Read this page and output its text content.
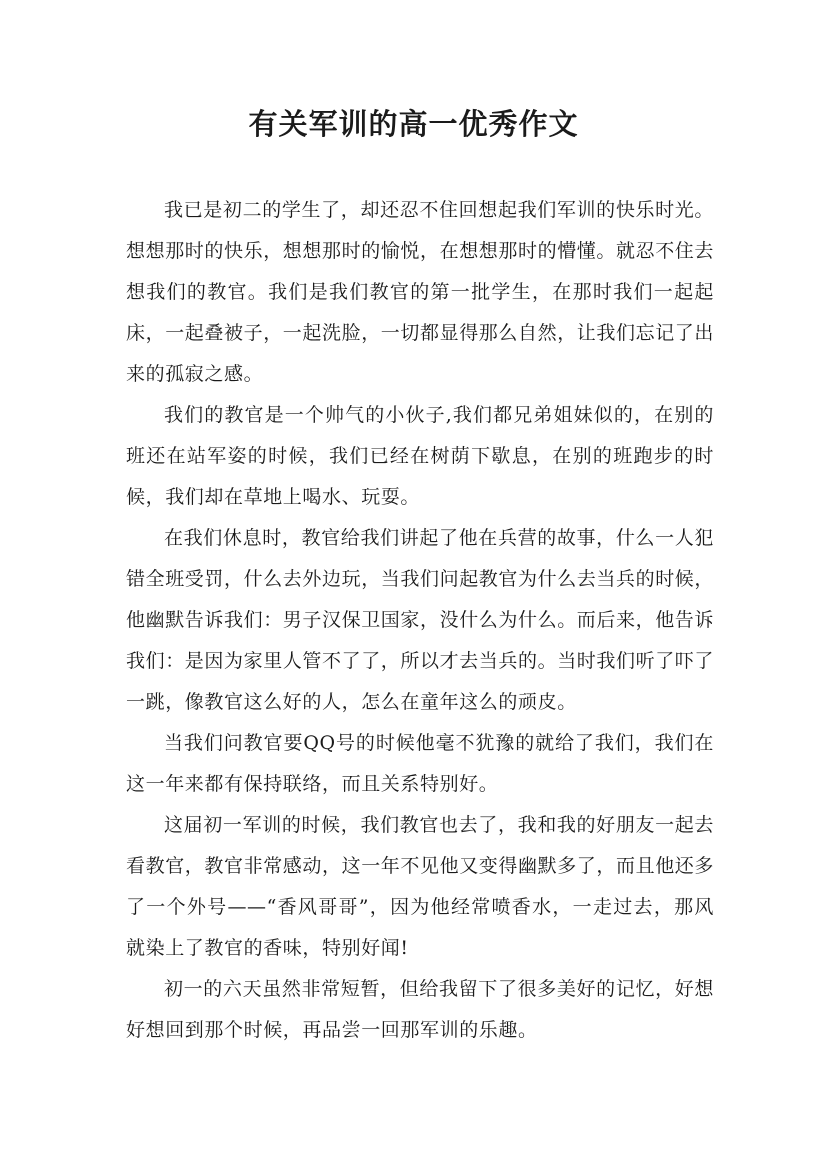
有关军训的高一优秀作文

我已是初二的学生了，却还忍不住回想起我们军训的快乐时光。想想那时的快乐，想想那时的愉悦，在想想那时的懵懂。就忍不住去想我们的教官。我们是我们教官的第一批学生，在那时我们一起起床，一起叠被子，一起洗脸，一切都显得那么自然，让我们忘记了出来的孤寂之感。

我们的教官是一个帅气的小伙子,我们都兄弟姐妹似的，在别的班还在站军姿的时候，我们已经在树荫下歇息，在别的班跑步的时候，我们却在草地上喝水、玩耍。

在我们休息时，教官给我们讲起了他在兵营的故事，什么一人犯错全班受罚，什么去外边玩，当我们问起教官为什么去当兵的时候，他幽默告诉我们：男子汉保卫国家，没什么为什么。而后来，他告诉我们：是因为家里人管不了了，所以才去当兵的。当时我们听了吓了一跳，像教官这么好的人，怎么在童年这么的顽皮。

当我们问教官要QQ号的时候他毫不犹豫的就给了我们，我们在这一年来都有保持联络，而且关系特别好。

这届初一军训的时候，我们教官也去了，我和我的好朋友一起去看教官，教官非常感动，这一年不见他又变得幽默多了，而且他还多了一个外号——“香风哥哥”，因为他经常喷香水，一走过去，那风就染上了教官的香味，特别好闻!

初一的六天虽然非常短暂，但给我留下了很多美好的记忆，好想好想回到那个时候，再品尝一回那军训的乐趣。
